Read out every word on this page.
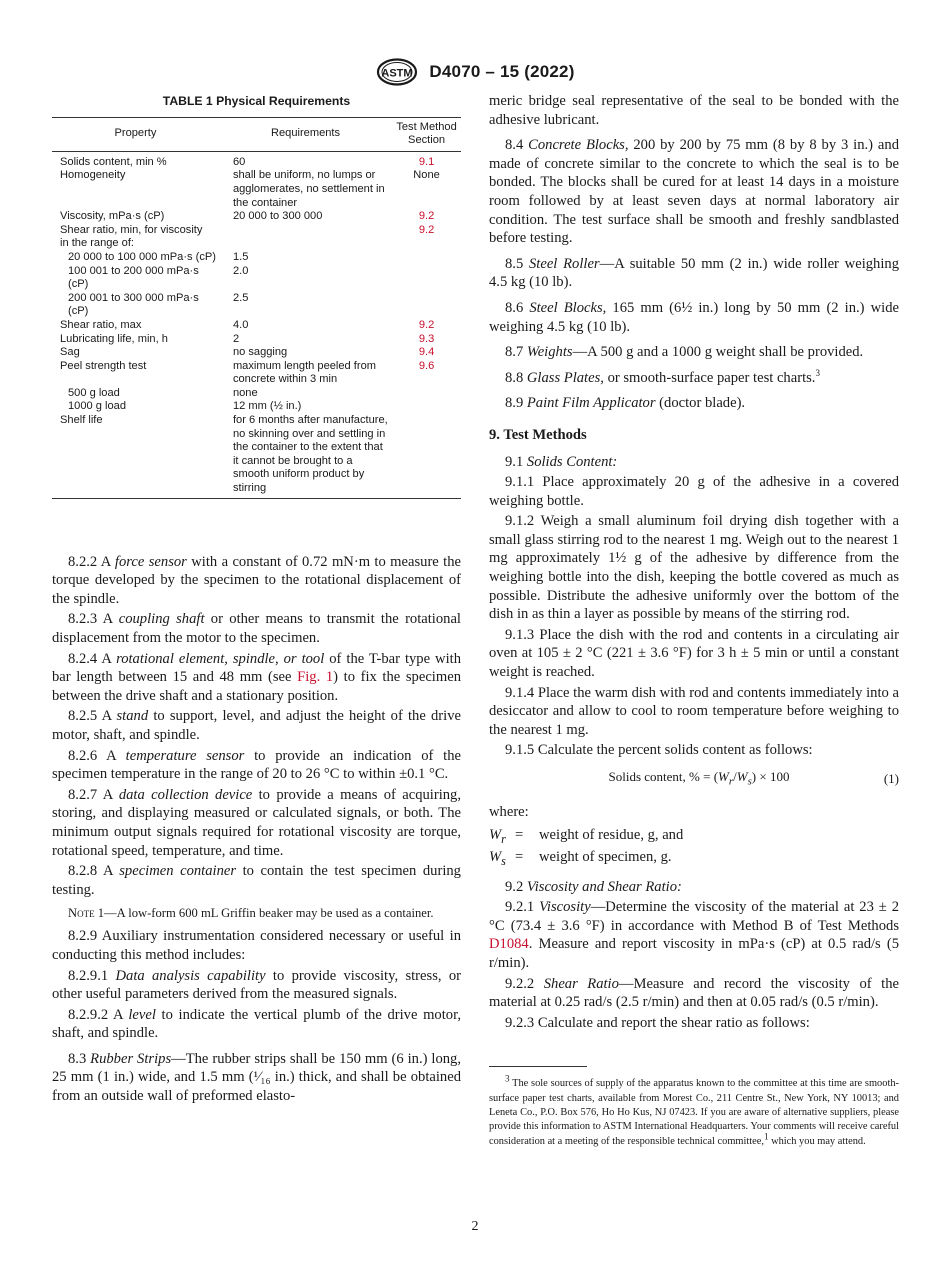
ASTM D4070 – 15 (2022)

TABLE 1 Physical Requirements

Property	Requirements	Test Method Section
Solids content, min %	60	9.1
Homogeneity	shall be uniform, no lumps or agglomerates, no settlement in the container	None
Viscosity, mPa·s (cP)	20 000 to 300 000	9.2
Shear ratio, min, for viscosity		9.2
in the range of:		

20 000 to 100 000 mPa·s (cP)	1.5	

100 001 to 200 000 mPa·s (cP)	2.0	

200 001 to 300 000 mPa·s (cP)	2.5	
Shear ratio, max	4.0	9.2
Lubricating life, min, h	2	9.3
Sag	no sagging	9.4
Peel strength test	maximum length peeled from concrete within 3 min	9.6

500 g load	none	

1000 g load	12 mm (½ in.)	
Shelf life	for 6 months after manufacture, no skinning over and settling in the container to the extent that it cannot be brought to a smooth uniform product by stirring	

8.2.2 A force sensor with a constant of 0.72 mN·m to measure the torque developed by the specimen to the rotational displacement of the spindle.

8.2.3 A coupling shaft or other means to transmit the rotational displacement from the motor to the specimen.

8.2.4 A rotational element, spindle, or tool of the T-bar type with bar length between 15 and 48 mm (see Fig. 1) to fix the specimen between the drive shaft and a stationary position.

8.2.5 A stand to support, level, and adjust the height of the drive motor, shaft, and spindle.

8.2.6 A temperature sensor to provide an indication of the specimen temperature in the range of 20 to 26 °C to within ±0.1 °C.

8.2.7 A data collection device to provide a means of acquiring, storing, and displaying measured or calculated signals, or both. The minimum output signals required for rotational viscosity are torque, rotational speed, temperature, and time.

8.2.8 A specimen container to contain the test specimen during testing.

Note 1—A low-form 600 mL Griffin beaker may be used as a container.

8.2.9 Auxiliary instrumentation considered necessary or useful in conducting this method includes:

8.2.9.1 Data analysis capability to provide viscosity, stress, or other useful parameters derived from the measured signals.

8.2.9.2 A level to indicate the vertical plumb of the drive motor, shaft, and spindle.

8.3 Rubber Strips—The rubber strips shall be 150 mm (6 in.) long, 25 mm (1 in.) wide, and 1.5 mm (¹⁄₁₆ in.) thick, and shall be obtained from an outside wall of preformed elasto-

meric bridge seal representative of the seal to be bonded with the adhesive lubricant.

8.4 Concrete Blocks, 200 by 200 by 75 mm (8 by 8 by 3 in.) and made of concrete similar to the concrete to which the seal is to be bonded. The blocks shall be cured for at least 14 days in a moisture room followed by at least seven days at normal laboratory air condition. The test surface shall be smooth and freshly sandblasted before testing.

8.5 Steel Roller—A suitable 50 mm (2 in.) wide roller weighing 4.5 kg (10 lb).

8.6 Steel Blocks, 165 mm (6½ in.) long by 50 mm (2 in.) wide weighing 4.5 kg (10 lb).

8.7 Weights—A 500 g and a 1000 g weight shall be provided.

8.8 Glass Plates, or smooth-surface paper test charts.$^3$

8.9 Paint Film Applicator (doctor blade).

9. Test Methods

9.1 Solids Content:

9.1.1 Place approximately 20 g of the adhesive in a covered weighing bottle.

9.1.2 Weigh a small aluminum foil drying dish together with a small glass stirring rod to the nearest 1 mg. Weigh out to the nearest 1 mg approximately 1½ g of the adhesive by difference from the weighing bottle into the dish, keeping the bottle covered as much as possible. Distribute the adhesive uniformly over the bottom of the dish in as thin a layer as possible by means of the stirring rod.

9.1.3 Place the dish with the rod and contents in a circulating air oven at 105 ± 2 °C (221 ± 3.6 °F) for 3 h ± 5 min or until a constant weight is reached.

9.1.4 Place the warm dish with rod and contents immediately into a desiccator and allow to cool to room temperature before weighing to the nearest 1 mg.

9.1.5 Calculate the percent solids content as follows:

Solids content, % = $(W_r/W_s) \times 100$	(1)

where:

$W_r$ =	weight of residue, g, and
$W_s$ =	weight of specimen, g.

9.2 Viscosity and Shear Ratio:

9.2.1 Viscosity—Determine the viscosity of the material at 23 ± 2 °C (73.4 ± 3.6 °F) in accordance with Method B of Test Methods D1084. Measure and report viscosity in mPa·s (cP) at 0.5 rad/s (5 r/min).

9.2.2 Shear Ratio—Measure and record the viscosity of the material at 0.25 rad/s (2.5 r/min) and then at 0.05 rad/s (0.5 r/min).

9.2.3 Calculate and report the shear ratio as follows:

$^3$ The sole sources of supply of the apparatus known to the committee at this time are smooth-surface paper test charts, available from Morest Co., 211 Centre St., New York, NY 10013; and Leneta Co., P.O. Box 576, Ho Ho Kus, NJ 07423. If you are aware of alternative suppliers, please provide this information to ASTM International Headquarters. Your comments will receive careful consideration at a meeting of the responsible technical committee,$^1$ which you may attend.

2
